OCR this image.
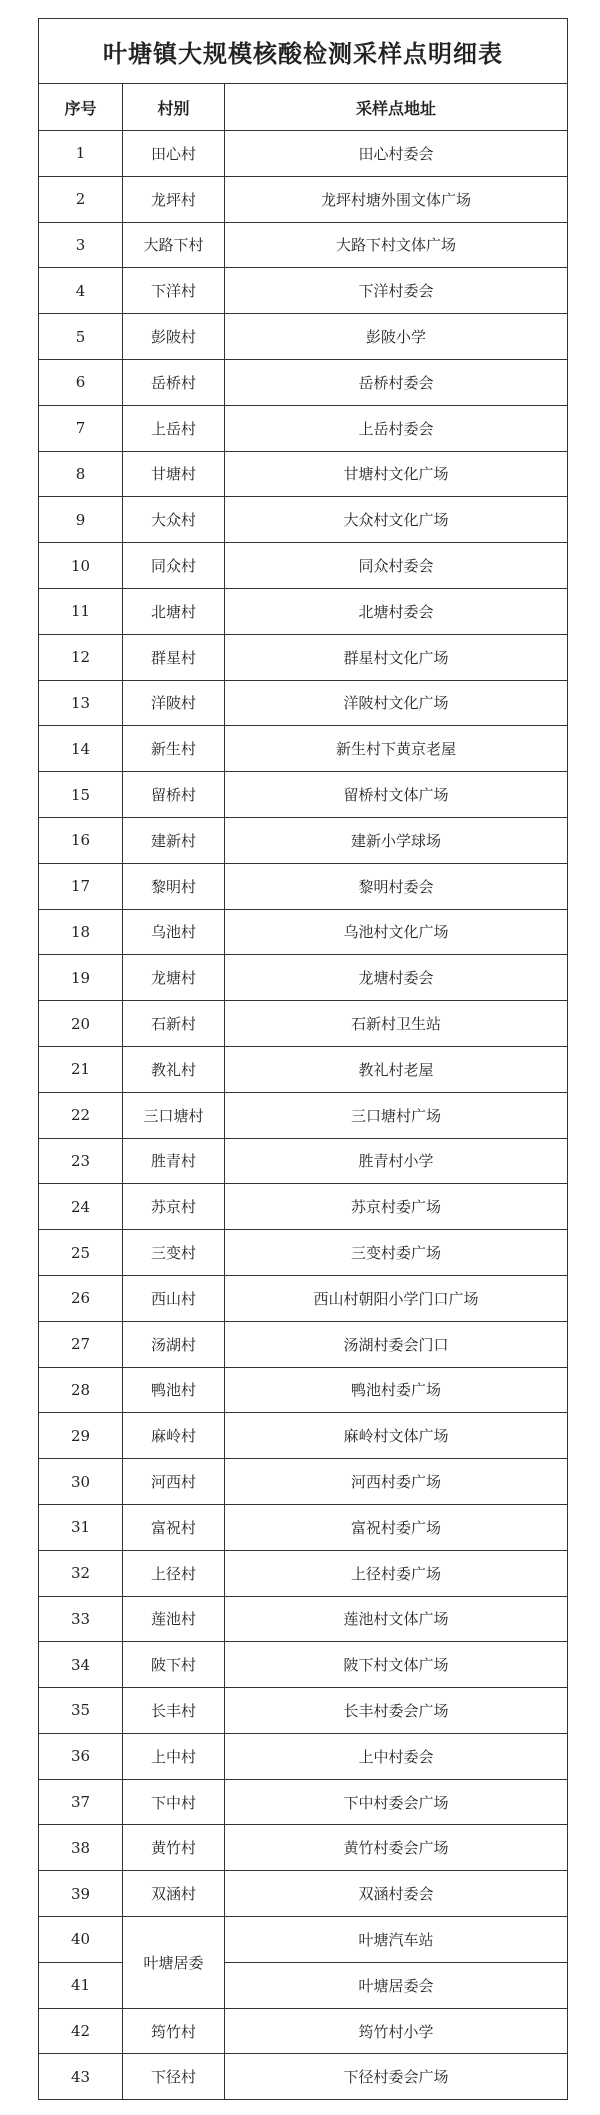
叶塘镇大规模核酸检测采样点明细表		
序号	村别	采样点地址
1	田心村	田心村委会
2	龙坪村	龙坪村塘外围文体广场
3	大路下村	大路下村文体广场
4	下洋村	下洋村委会
5	彭陂村	彭陂小学
6	岳桥村	岳桥村委会
7	上岳村	上岳村委会
8	甘塘村	甘塘村文化广场
9	大众村	大众村文化广场
10	同众村	同众村委会
11	北塘村	北塘村委会
12	群星村	群星村文化广场
13	洋陂村	洋陂村文化广场
14	新生村	新生村下黄京老屋
15	留桥村	留桥村文体广场
16	建新村	建新小学球场
17	黎明村	黎明村委会
18	乌池村	乌池村文化广场
19	龙塘村	龙塘村委会
20	石新村	石新村卫生站
21	教礼村	教礼村老屋
22	三口塘村	三口塘村广场
23	胜青村	胜青村小学
24	苏京村	苏京村委广场
25	三变村	三变村委广场
26	西山村	西山村朝阳小学门口广场
27	汤湖村	汤湖村委会门口
28	鸭池村	鸭池村委广场
29	麻岭村	麻岭村文体广场
30	河西村	河西村委广场
31	富祝村	富祝村委广场
32	上径村	上径村委广场
33	莲池村	莲池村文体广场
34	陂下村	陂下村文体广场
35	长丰村	长丰村委会广场
36	上中村	上中村委会
37	下中村	下中村委会广场
38	黄竹村	黄竹村委会广场
39	双涵村	双涵村委会
40	叶塘居委	叶塘汽车站
41		叶塘居委会
42	筠竹村	筠竹村小学
43	下径村	下径村委会广场
